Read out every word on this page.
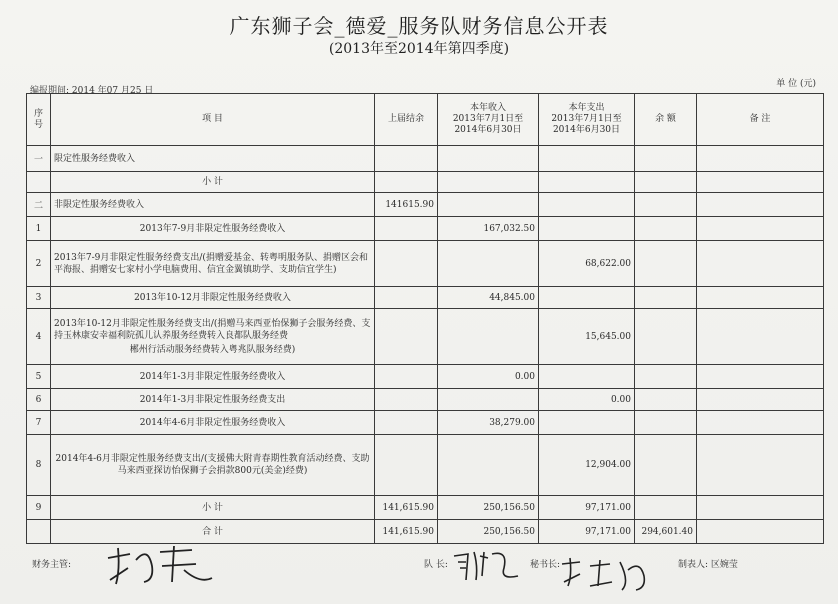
广东狮子会_德爱_服务队财务信息公开表
(2013年至2014年第四季度)
编报期间: 2014 年07 月25 日
单 位 (元)
序号	项 目	上届结余	本年收入
2013年7月1日至
2014年6月30日	本年支出
2013年7月1日至
2014年6月30日	余 额	备 注
一	限定性服务经费收入					
	小 计					
二	非限定性服务经费收入	141615.90				
1	2013年7-9月非限定性服务经费收入		167,032.50			
2	2013年7-9月非限定性服务经费支出/(捐赠爱基金、转粤明服务队、捐赠区会和平海报、捐赠安七家村小学电脑费用、信宜金翼镇助学、支助信宜学生)			68,622.00		
3	2013年10-12月非限定性服务经费收入		44,845.00			
4	2013年10-12月非限定性服务经费支出/(捐赠马来西亚怡保狮子会服务经费、支持玉林康安幸福利院孤儿认养服务经费转入良都队服务经费
郴州行活动服务经费转入粤兆队服务经费)			15,645.00		
5	2014年1-3月非限定性服务经费收入		0.00			
6	2014年1-3月非限定性服务经费支出			0.00		
7	2014年4-6月非限定性服务经费收入		38,279.00			
8	2014年4-6月非限定性服务经费支出/(支援佛大附青春期性教育活动经费、支助马来西亚探访怡保狮子会捐款800元(美金)经费)			12,904.00		
9	小 计	141,615.90	250,156.50	97,171.00		
	合 计	141,615.90	250,156.50	97,171.00	294,601.40	
财务主管:	队 长:	秘书长:	制表人: 区婉莹
